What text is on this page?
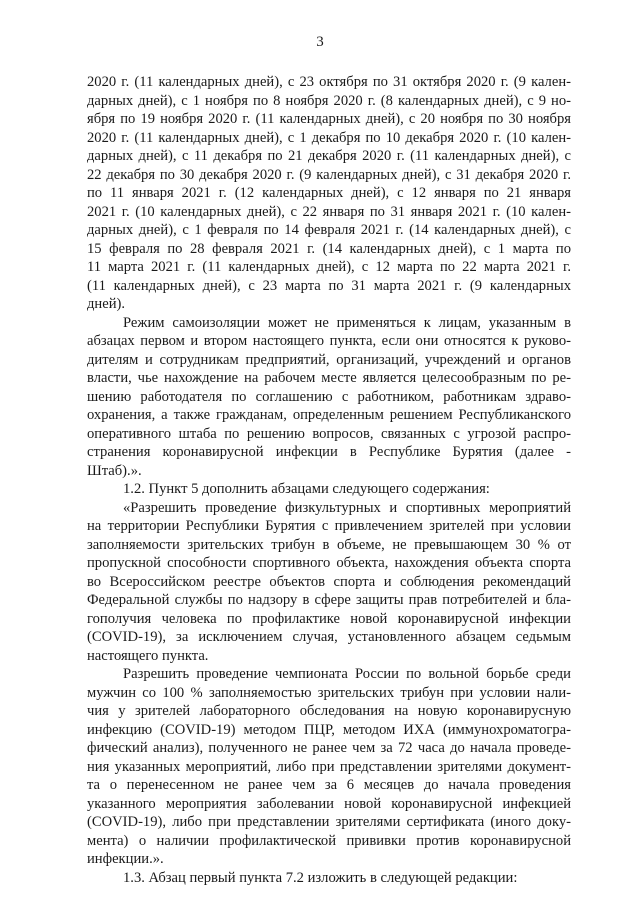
3
2020 г. (11 календарных дней), с 23 октября по 31 октября 2020 г. (9 кален-
дарных дней), с 1 ноября по 8 ноября 2020 г. (8 календарных дней), с 9 но-
ября по 19 ноября 2020 г. (11 календарных дней), с 20 ноября по 30 ноября
2020 г. (11 календарных дней), с 1 декабря по 10 декабря 2020 г. (10 кален-
дарных дней), с 11 декабря по 21 декабря 2020 г. (11 календарных дней), с
22 декабря по 30 декабря 2020 г. (9 календарных дней), с 31 декабря 2020 г.
по 11 января 2021 г. (12 календарных дней), с 12 января по 21 января
2021 г. (10 календарных дней), с 22 января по 31 января 2021 г. (10 кален-
дарных дней), с 1 февраля по 14 февраля 2021 г. (14 календарных дней), с
15 февраля по 28 февраля 2021 г. (14 календарных дней), с 1 марта по
11 марта 2021 г. (11 календарных дней), с 12 марта по 22 марта 2021 г.
(11 календарных дней), с 23 марта по 31 марта 2021 г. (9 календарных
дней).
Режим самоизоляции может не применяться к лицам, указанным в
абзацах первом и втором настоящего пункта, если они относятся к руково-
дителям и сотрудникам предприятий, организаций, учреждений и органов
власти, чье нахождение на рабочем месте является целесообразным по ре-
шению работодателя по соглашению с работником, работникам здраво-
охранения, а также гражданам, определенным решением Республиканского
оперативного штаба по решению вопросов, связанных с угрозой распро-
странения коронавирусной инфекции в Республике Бурятия (далее -
Штаб).».
1.2. Пункт 5 дополнить абзацами следующего содержания:
«Разрешить проведение физкультурных и спортивных мероприятий
на территории Республики Бурятия с привлечением зрителей при условии
заполняемости зрительских трибун в объеме, не превышающем 30 % от
пропускной способности спортивного объекта, нахождения объекта спорта
во Всероссийском реестре объектов спорта и соблюдения рекомендаций
Федеральной службы по надзору в сфере защиты прав потребителей и бла-
гополучия человека по профилактике новой коронавирусной инфекции
(COVID-19), за исключением случая, установленного абзацем седьмым
настоящего пункта.
Разрешить проведение чемпионата России по вольной борьбе среди
мужчин со 100 % заполняемостью зрительских трибун при условии нали-
чия у зрителей лабораторного обследования на новую коронавирусную
инфекцию (COVID-19) методом ПЦР, методом ИХА (иммунохроматогра-
фический анализ), полученного не ранее чем за 72 часа до начала проведе-
ния указанных мероприятий, либо при представлении зрителями документ-
та о перенесенном не ранее чем за 6 месяцев до начала проведения
указанного мероприятия заболевании новой коронавирусной инфекцией
(COVID-19), либо при представлении зрителями сертификата (иного доку-
мента) о наличии профилактической прививки против коронавирусной
инфекции.».
1.3. Абзац первый пункта 7.2 изложить в следующей редакции:
